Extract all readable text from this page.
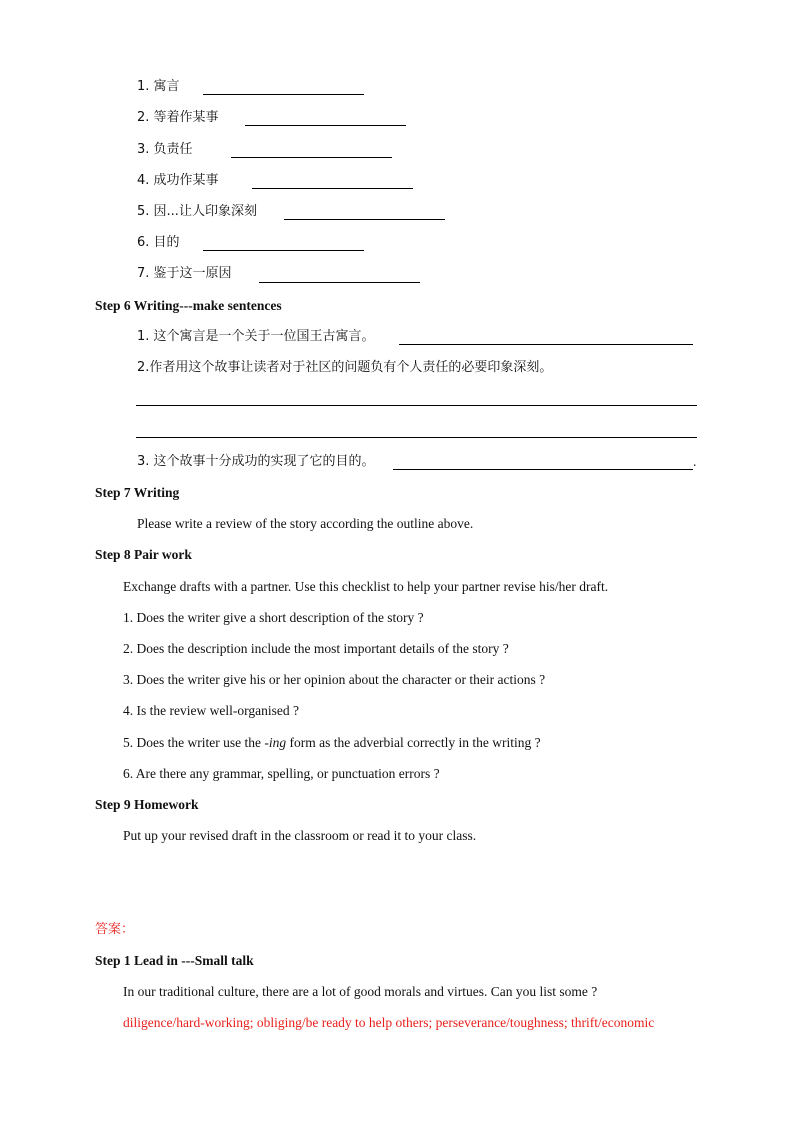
1. 寓言
2. 等着作某事
3. 负责任
4. 成功作某事
5. 因...让人印象深刻
6. 目的
7. 鉴于这一原因
Step 6 Writing---make sentences
1. 这个寓言是一个关于一位国王古寓言。
2.作者用这个故事让读者对于社区的问题负有个人责任的必要印象深刻。
3. 这个故事十分成功的实现了它的目的。	.
Step 7 Writing
Please write a review of the story according the outline above.
Step 8 Pair work
Exchange drafts with a partner. Use this checklist to help your partner revise his/her draft.
1. Does the writer give a short description of the story ?
2. Does the description include the most important details of the story ?
3. Does the writer give his or her opinion about the character or their actions ?
4. Is the review well-organised ?
5. Does the writer use the -ing form as the adverbial correctly in the writing ?
6. Are there any grammar, spelling, or punctuation errors ?
Step 9 Homework
Put up your revised draft in the classroom or read it to your class.
答案：
Step 1 Lead in ---Small talk
In our traditional culture, there are a lot of good morals and virtues. Can you list some ?
diligence/hard-working; obliging/be ready to help others; perseverance/toughness; thrift/economic
